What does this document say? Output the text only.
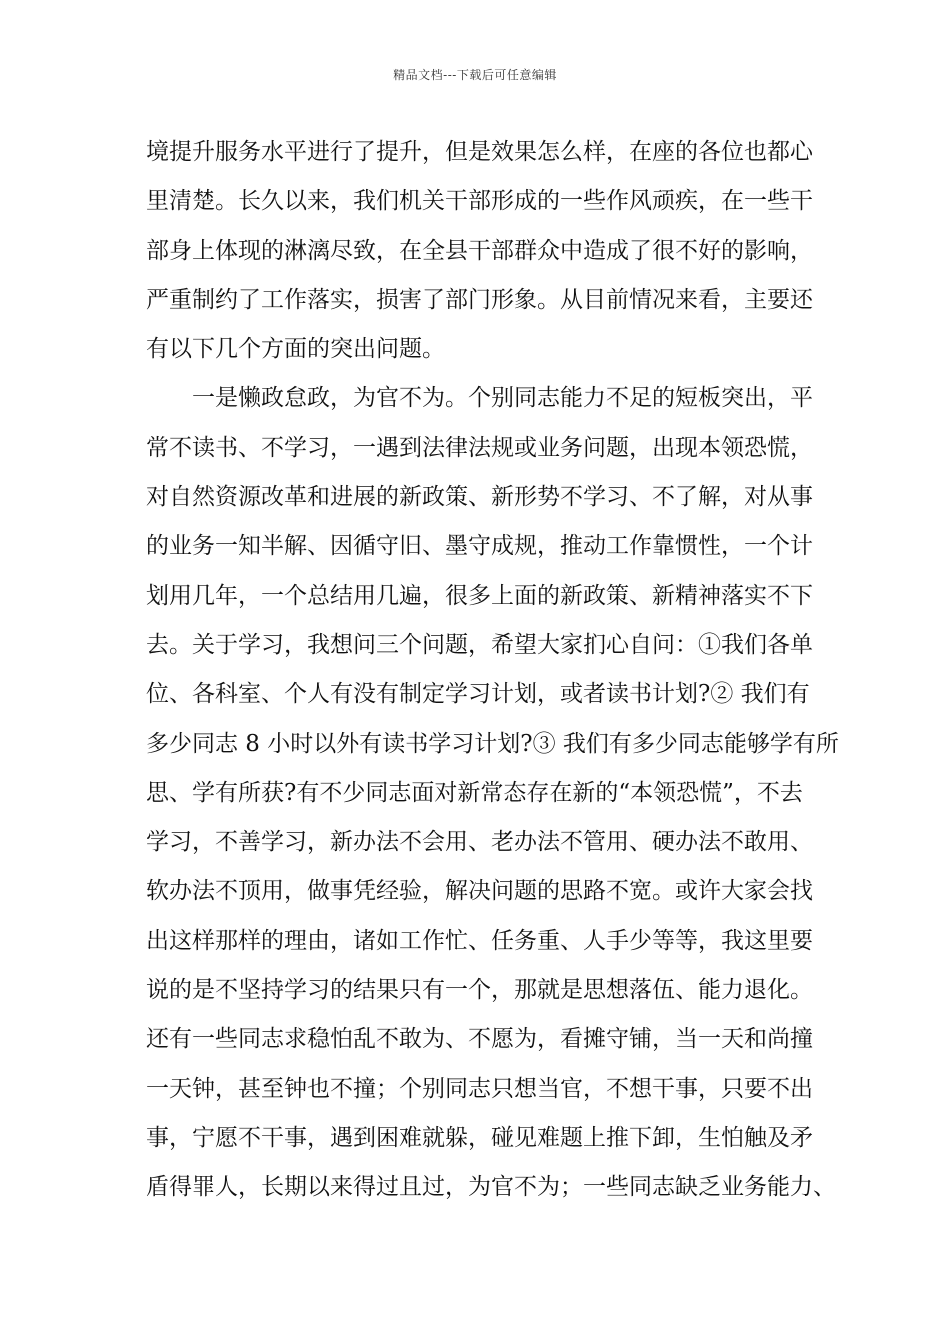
精品文档---下载后可任意编辑
境提升服务水平进行了提升，但是效果怎么样，在座的各位也都心
里清楚。长久以来，我们机关干部形成的一些作风顽疾，在一些干
部身上体现的淋漓尽致，在全县干部群众中造成了很不好的影响，
严重制约了工作落实，损害了部门形象。从目前情况来看，主要还
有以下几个方面的突出问题。
一是懒政怠政，为官不为。个别同志能力不足的短板突出，平
常不读书、不学习，一遇到法律法规或业务问题，出现本领恐慌，
对自然资源改革和进展的新政策、新形势不学习、不了解，对从事
的业务一知半解、因循守旧、墨守成规，推动工作靠惯性，一个计
划用几年，一个总结用几遍，很多上面的新政策、新精神落实不下
去。关于学习，我想问三个问题，希望大家扪心自问：①我们各单
位、各科室、个人有没有制定学习计划，或者读书计划?② 我们有
多少同志 8 小时以外有读书学习计划?③ 我们有多少同志能够学有所
思、学有所获?有不少同志面对新常态存在新的“本领恐慌”，不去
学习，不善学习，新办法不会用、老办法不管用、硬办法不敢用、
软办法不顶用，做事凭经验，解决问题的思路不宽。或许大家会找
出这样那样的理由，诸如工作忙、任务重、人手少等等，我这里要
说的是不坚持学习的结果只有一个，那就是思想落伍、能力退化。
还有一些同志求稳怕乱不敢为、不愿为，看摊守铺，当一天和尚撞
一天钟，甚至钟也不撞；个别同志只想当官，不想干事，只要不出
事，宁愿不干事，遇到困难就躲，碰见难题上推下卸，生怕触及矛
盾得罪人，长期以来得过且过，为官不为；一些同志缺乏业务能力、
